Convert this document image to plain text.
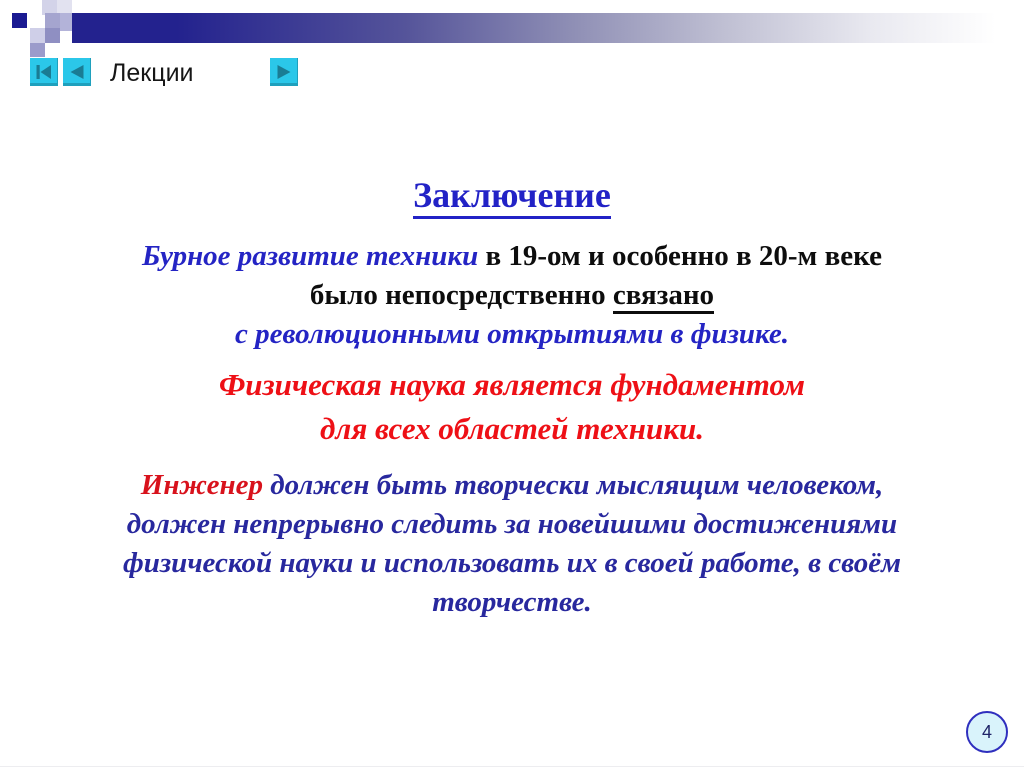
Лекции
Заключение
Бурное развитие техники в 19-ом и особенно в 20-м веке
было непосредственно связано
с революционными открытиями в физике.
Физическая наука является фундаментом
для всех областей техники.
Инженер должен быть творчески мыслящим человеком,
должен непрерывно следить за новейшими достижениями
физической науки и использовать их в своей работе, в своём
творчестве.
4
